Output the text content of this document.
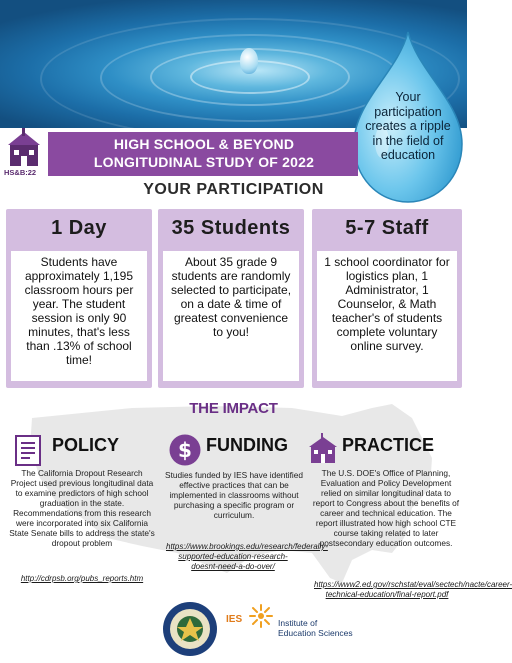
Your participation creates a ripple in the field of education
HS&B:22
HIGH SCHOOL & BEYOND
LONGITUDINAL STUDY OF 2022
YOUR PARTICIPATION
1 Day
Students have approximately 1,195 classroom hours per year. The student session is only 90 minutes, that's less than .13% of school time!
35 Students
About 35 grade 9 students are randomly selected to participate, on a date & time of greatest convenience to you!
5-7 Staff
1 school coordinator for logistics plan, 1 Administrator, 1 Counselor, & Math teacher's of students complete voluntary online survey.
THE IMPACT
POLICY
The California Dropout Research Project used previous longitudinal data to examine predictors of high school graduation in the state. Recommendations from this research were incorporated into six California State Senate bills to address the state's dropout problem
http://cdrpsb.org/pubs_reports.htm
$ FUNDING
Studies funded by IES have identified effective practices that can be implemented in classrooms without purchasing a specific program or curriculum.
https://www.brookings.edu/research/federally-supported-education-research-doesnt-need-a-do-over/
PRACTICE
The U.S. DOE's Office of Planning, Evaluation and Policy Development relied on similar longitudinal data to report to Congress about the benefits of career and technical education. The report illustrated how high school CTE course taking related to later postsecondary education outcomes.
https://www2.ed.gov/rschstat/eval/sectech/nacte/career-technical-education/final-report.pdf
IES	Institute of
Education Sciences
